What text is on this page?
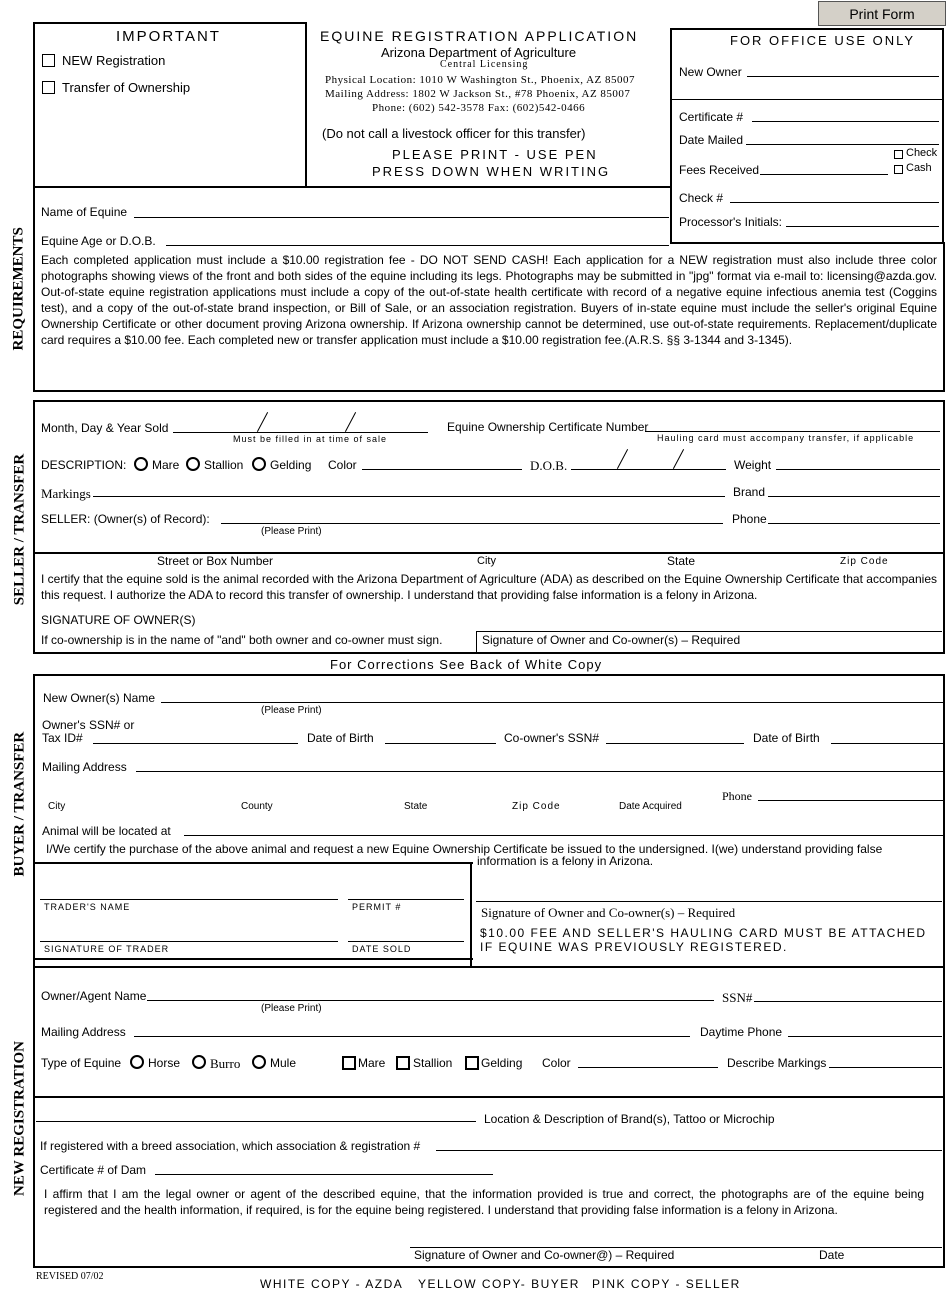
Print Form
IMPORTANT
NEW Registration
Transfer of Ownership
EQUINE REGISTRATION APPLICATION
Arizona Department of Agriculture
Central Licensing
Physical Location: 1010 W Washington St., Phoenix, AZ 85007
Mailing Address: 1802 W Jackson St., #78 Phoenix, AZ 85007
Phone: (602) 542-3578 Fax: (602)542-0466
(Do not call a livestock officer for this transfer)
PLEASE PRINT - USE PEN
PRESS DOWN WHEN WRITING
FOR OFFICE USE ONLY
New Owner
Certificate #
Date Mailed
Check
Cash
Fees Received
Check #
Processor's Initials:
REQUIREMENTS
Name of Equine
Equine Age or D.O.B.
Each completed application must include a $10.00 registration fee - DO NOT SEND CASH! Each application for a NEW registration must also include three color photographs showing views of the front and both sides of the equine including its legs. Photographs may be submitted in "jpg" format via e-mail to: licensing@azda.gov. Out-of-state equine registration applications must include a copy of the out-of-state health certificate with record of a negative equine infectious anemia test (Coggins test), and a copy of the out-of-state brand inspection, or Bill of Sale, or an association registration. Buyers of in-state equine must include the seller's original Equine Ownership Certificate or other document proving Arizona ownership. If Arizona ownership cannot be determined, use out-of-state requirements. Replacement/duplicate card requires a $10.00 fee. Each completed new or transfer application must include a $10.00 registration fee.(A.R.S. §§ 3-1344 and 3-1345).
SELLER / TRANSFER
Month, Day & Year Sold
Must be filled in at time of sale
Equine Ownership Certificate Number
Hauling card must accompany transfer, if applicable
DESCRIPTION: Mare Stallion Gelding Color	D.O.B.	Weight
Markings	Brand
SELLER: (Owner(s) of Record):
(Please Print)
Phone
Street or Box Number	City	State	Zip Code
I certify that the equine sold is the animal recorded with the Arizona Department of Agriculture (ADA) as described on the Equine Ownership Certificate that accompanies this request. I authorize the ADA to record this transfer of ownership. I understand that providing false information is a felony in Arizona.
SIGNATURE OF OWNER(S)
If co-ownership is in the name of "and" both owner and co-owner must sign.	Signature of Owner and Co-owner(s) – Required
For Corrections See Back of White Copy
BUYER / TRANSFER
New Owner(s) Name
(Please Print)
Owner's SSN# or
Tax ID#	Date of Birth	Co-owner's SSN#	Date of Birth
Mailing Address
City	County	State	Zip Code	Date Acquired
Phone
Animal will be located at
I/We certify the purchase of the above animal and request a new Equine Ownership Certificate be issued to the undersigned. I(we) understand providing false
information is a felony in Arizona.
TRADER'S NAME	PERMIT #
SIGNATURE OF TRADER	DATE SOLD
Signature of Owner and Co-owner(s) – Required
$10.00 FEE AND SELLER'S HAULING CARD MUST BE ATTACHED
IF EQUINE WAS PREVIOUSLY REGISTERED.
NEW REGISTRATION
Owner/Agent Name
(Please Print)
SSN#
Mailing Address	Daytime Phone
Type of Equine Horse Burro Mule	Mare Stallion Gelding Color	Describe Markings
Location & Description of Brand(s), Tattoo or Microchip
If registered with a breed association, which association & registration #
Certificate # of Dam
I affirm that I am the legal owner or agent of the described equine, that the information provided is true and correct, the photographs are of the equine being registered and the health information, if required, is for the equine being registered. I understand that providing false information is a felony in Arizona.
Signature of Owner and Co-owner@) – Required	Date
REVISED 07/02
WHITE COPY - AZDA YELLOW COPY- BUYER PINK COPY - SELLER
